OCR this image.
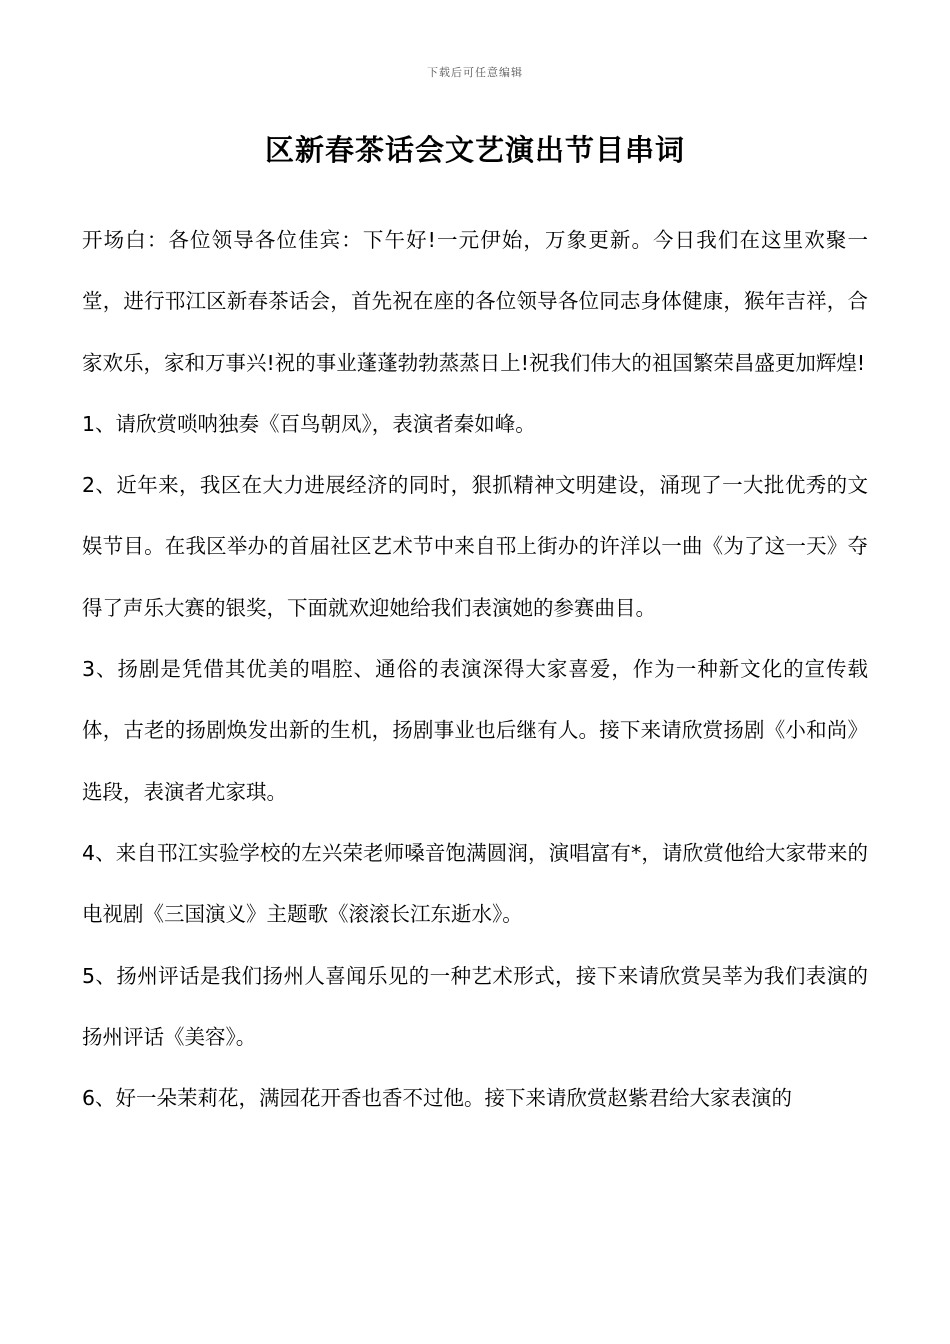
下载后可任意编辑
区新春茶话会文艺演出节目串词

开场白：各位领导各位佳宾：下午好!一元伊始，万象更新。今日我们在这里欢聚一堂，进行邗江区新春茶话会，首先祝在座的各位领导各位同志身体健康，猴年吉祥，合家欢乐，家和万事兴!祝的事业蓬蓬勃勃蒸蒸日上!祝我们伟大的祖国繁荣昌盛更加辉煌!

1、请欣赏唢呐独奏《百鸟朝凤》，表演者秦如峰。

2、近年来，我区在大力进展经济的同时，狠抓精神文明建设，涌现了一大批优秀的文娱节目。在我区举办的首届社区艺术节中来自邗上街办的许洋以一曲《为了这一天》夺得了声乐大赛的银奖，下面就欢迎她给我们表演她的参赛曲目。

3、扬剧是凭借其优美的唱腔、通俗的表演深得大家喜爱，作为一种新文化的宣传载体，古老的扬剧焕发出新的生机，扬剧事业也后继有人。接下来请欣赏扬剧《小和尚》选段，表演者尤家琪。

4、来自邗江实验学校的左兴荣老师嗓音饱满圆润，演唱富有*，请欣赏他给大家带来的电视剧《三国演义》主题歌《滚滚长江东逝水》。

5、扬州评话是我们扬州人喜闻乐见的一种艺术形式，接下来请欣赏吴莘为我们表演的扬州评话《美容》。

6、好一朵茉莉花，满园花开香也香不过他。接下来请欣赏赵紫君给大家表演的
